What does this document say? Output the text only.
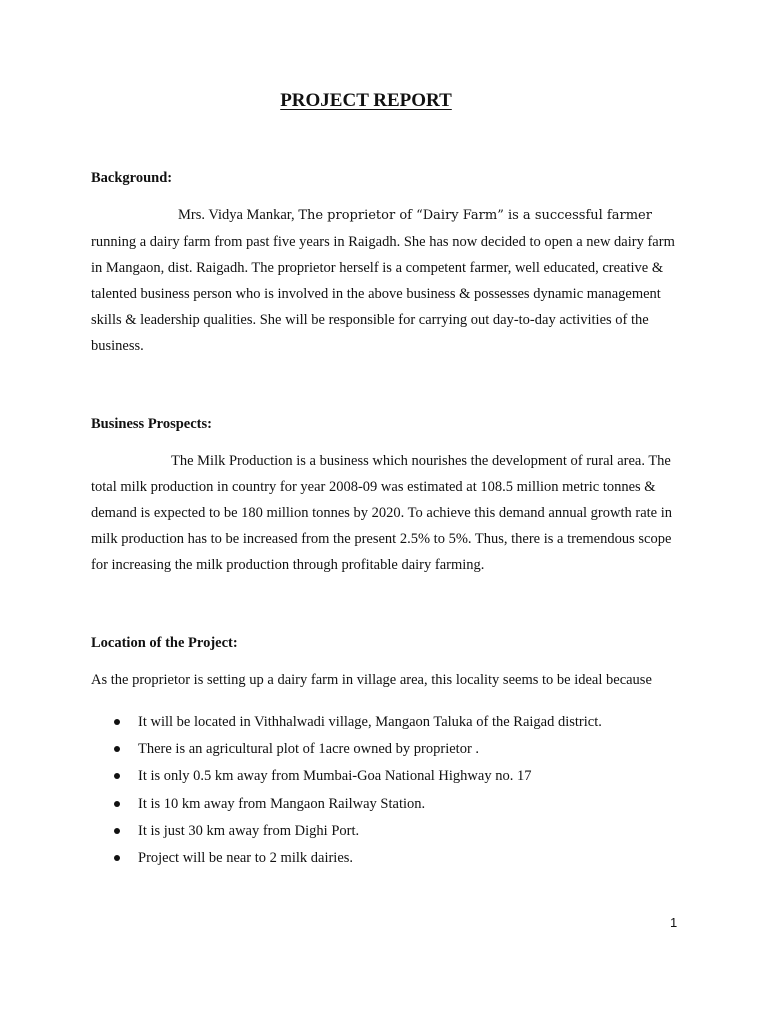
PROJECT REPORT
Background:

Mrs. Vidya Mankar, The proprietor of “Dairy Farm” is a successful farmer running a dairy farm from past five years in Raigadh. She has now decided to open a new dairy farm in Mangaon, dist. Raigadh. The proprietor herself is a competent farmer, well educated, creative & talented business person who is involved in the above business & possesses dynamic management skills & leadership qualities. She will be responsible for carrying out day-to-day activities of the business.

Business Prospects:

The Milk Production is a business which nourishes the development of rural area. The total milk production in country for year 2008-09 was estimated at 108.5 million metric tonnes & demand is expected to be 180 million tonnes by 2020. To achieve this demand annual growth rate in milk production has to be increased from the present 2.5% to 5%. Thus, there is a tremendous scope for increasing the milk production through profitable dairy farming.

Location of the Project:

As the proprietor is setting up a dairy farm in village area, this locality seems to be ideal because

It will be located in Vithhalwadi village, Mangaon Taluka of the Raigad district.
There is an agricultural plot of 1acre owned by proprietor .
It is only 0.5 km away from Mumbai-Goa National Highway no. 17
It is 10 km away from Mangaon Railway Station.
It is just 30 km away from Dighi Port.
Project will be near to 2 milk dairies.
1
